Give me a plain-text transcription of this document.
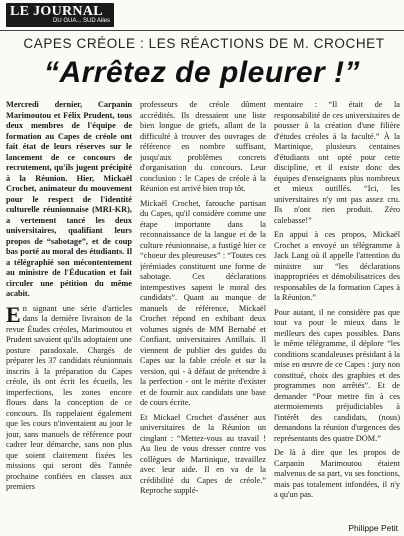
LE JOURNAL
DU GUA... SUD Ailes
CAPES CRÉOLE : LES RÉACTIONS DE M. CROCHET
“Arrêtez de pleurer !”

Mercredi dernier, Carpanin Marimoutou et Félix Prudent, tous deux membres de l'équipe de formation au Capes de créole ont fait état de leurs réserves sur le lancement de ce concours de recrutement, qu'ils jugent précipité à la Réunion. Hier, Mickaël Crochet, animateur du mouvement pour le respect de l'identité culturelle réunionnaise (MRI-KR), a vertement tancé les deux universitaires, qualifiant leurs propos de “sabotage”, et de coup bas porté au moral des étudiants. Il a télégraphié son mécontentement au ministre de l'Éducation et fait circuler une pétition du même acabit.

En signant une série d'articles dans la dernière livraison de la revue Études créoles, Marimoutou et Prudent savaient qu'ils adoptaient une posture paradoxale. Chargés de préparer les 37 candidats réunionnais inscrits à la préparation du Capes créole, ils ont écrit les écueils, les imperfections, les zones encore floues dans la conception de ce concours. Ils rappelaient également que les cours n'inventaient au jour le jour, sans manuels de référence pour cadrer leur démarche, sans non plus que soient clairement fixées les missions qui seront dès l'année prochaine confiées en classes aux premiers

professeurs de créole dûment accrédités. Ils dressaient une liste bien longue de griefs, allant de la difficulté à trouver des ouvrages de référence en nombre suffisant, jusqu'aux problèmes concrets d'organisation du concours. Leur conclusion : le Capes de créole à la Réunion est arrivé bien trop tôt.

Mickaël Crochet, farouche partisan du Capes, qu'il considère comme une étape importante dans la reconnaissance de la langue et de la culture réunionnaise, a fustigé hier ce “choeur des pleureuses” : “Toutes ces jérémiades constituent une forme de sabotage. Ces déclarations intempestives sapent le moral des candidats”. Quant au manque de manuels de référence, Mickaël Crochet répond en exhibant deux volumes signés de MM Bernabé et Confiant, universitaires Antillais. Il viennent de publier des guides du Capes sur la fable créole et sur la version, qui - à défaut de prétendre à la perfection - ont le mérite d'exister et de fournir aux candidats une base de cours écrite.

Et Mickael Crochet d'asséner aux universitaires de la Réunion un cinglant : “Mettez-vous au travail ! Au lieu de vous dresser contre vos collègues de Martinique, travaillez avec leur aide. Il en va de la crédibilité du Capes de créole.” Reproche supplé-

mentaire : “Il était de la responsabilité de ces universitaires de pousser à la création d'une filière d'études créoles à la faculté.” À la Martinique, plusieurs centaines d'étudiants ont opté pour cette discipline, et il existe donc des équipes d'enseignants plus nombreux et mieux outillés. “Ici, les universitaires n'y ont pas assez cru. Ils n'ont rien produit. Zéro calebasse!”

En appui à ces propos, Mickaël Crochet a envoyé un télégramme à Jack Lang où il appelle l'attention du ministre sur “les déclarations inappropriées et démobilisatrices des responsables de la formation Capes à la Réunion.”

Pour autant, il ne considère pas que tout va pour le mieux dans le meilleurs des capes possibles. Dans le même télégramme, il déplore “les conditions scandaleuses présidant à la mise en œuvre de ce Capes : jury non constitué, choix des graphies et des programmes non arrêtés”. Et de demander “Pour mettre fin à ces atermoiements préjudiciables à l'intérêt des candidats, (nous) demandons la réunion d'urgences des représentants des quatre DOM.”

De là à dire que les propos de Carpanin Marimoutou étaient malvenus de sa part, vu ses fonctions, mais pas totalement infondées, il n'y a qu'un pas.

Philippe Petit
